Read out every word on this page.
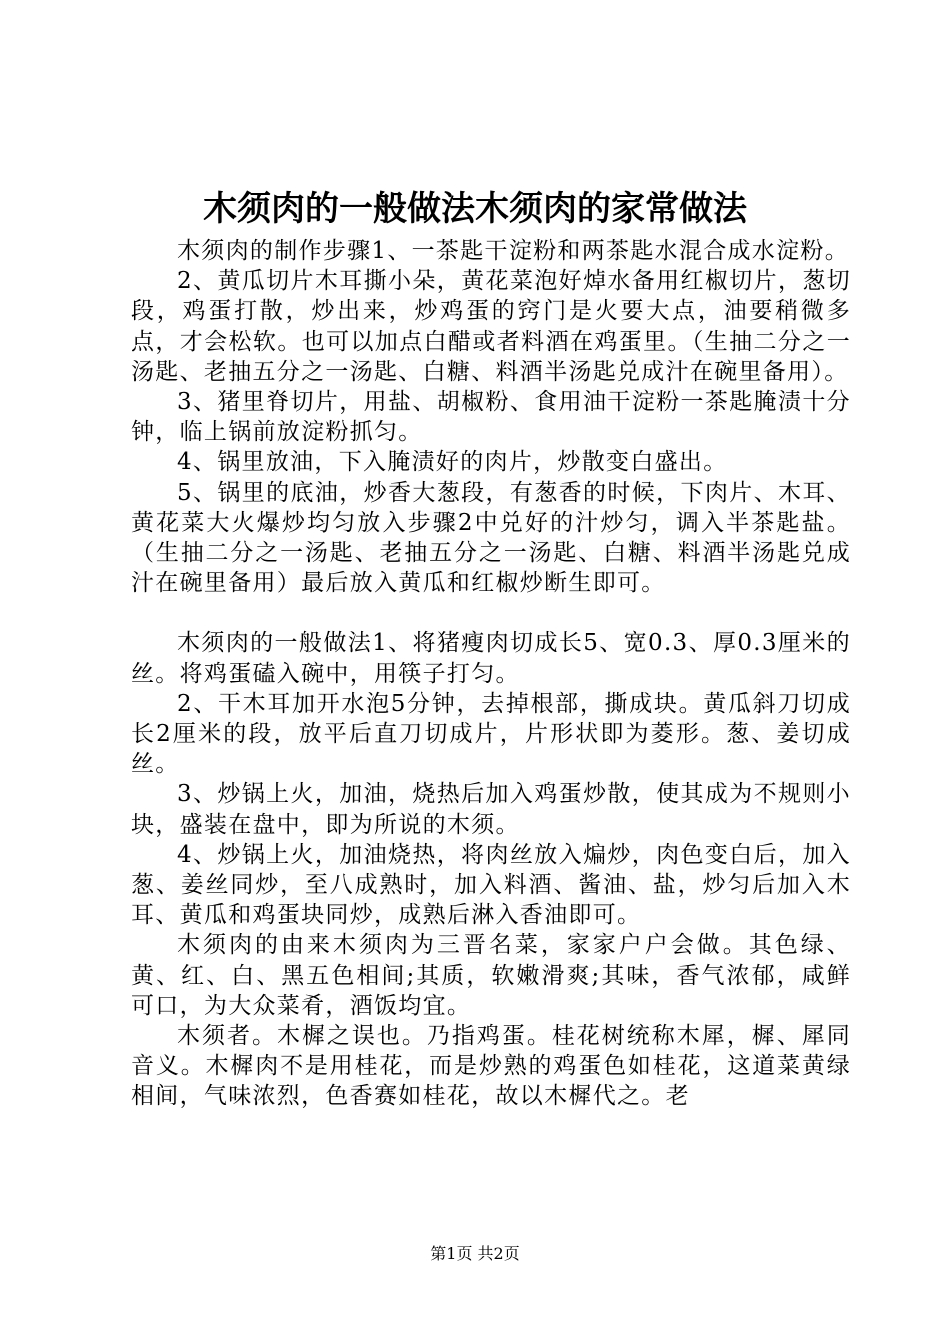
木须肉的一般做法木须肉的家常做法

木须肉的制作步骤1、一茶匙干淀粉和两茶匙水混合成水淀粉。

2、黄瓜切片木耳撕小朵，黄花菜泡好焯水备用红椒切片，葱切段，鸡蛋打散，炒出来，炒鸡蛋的窍门是火要大点，油要稍微多点，才会松软。也可以加点白醋或者料酒在鸡蛋里。（生抽二分之一汤匙、老抽五分之一汤匙、白糖、料酒半汤匙兑成汁在碗里备用）。

3、猪里脊切片，用盐、胡椒粉、食用油干淀粉一茶匙腌渍十分钟，临上锅前放淀粉抓匀。

4、锅里放油，下入腌渍好的肉片，炒散变白盛出。

5、锅里的底油，炒香大葱段，有葱香的时候，下肉片、木耳、黄花菜大火爆炒均匀放入步骤2中兑好的汁炒匀，调入半茶匙盐。（生抽二分之一汤匙、老抽五分之一汤匙、白糖、料酒半汤匙兑成汁在碗里备用）最后放入黄瓜和红椒炒断生即可。

木须肉的一般做法1、将猪瘦肉切成长5、宽0.3、厚0.3厘米的丝。将鸡蛋磕入碗中，用筷子打匀。

2、干木耳加开水泡5分钟，去掉根部，撕成块。黄瓜斜刀切成长2厘米的段，放平后直刀切成片，片形状即为菱形。葱、姜切成丝。

3、炒锅上火，加油，烧热后加入鸡蛋炒散，使其成为不规则小块，盛装在盘中，即为所说的木须。

4、炒锅上火，加油烧热，将肉丝放入煸炒，肉色变白后，加入葱、姜丝同炒，至八成熟时，加入料酒、酱油、盐，炒匀后加入木耳、黄瓜和鸡蛋块同炒，成熟后淋入香油即可。

木须肉的由来木须肉为三晋名菜，家家户户会做。其色绿、黄、红、白、黑五色相间;其质，软嫩滑爽;其味，香气浓郁，咸鲜可口，为大众菜肴，酒饭均宜。

木须者。木樨之误也。乃指鸡蛋。桂花树统称木犀，樨、犀同音义。木樨肉不是用桂花，而是炒熟的鸡蛋色如桂花，这道菜黄绿相间，气味浓烈，色香赛如桂花，故以木樨代之。老

第1页 共2页
